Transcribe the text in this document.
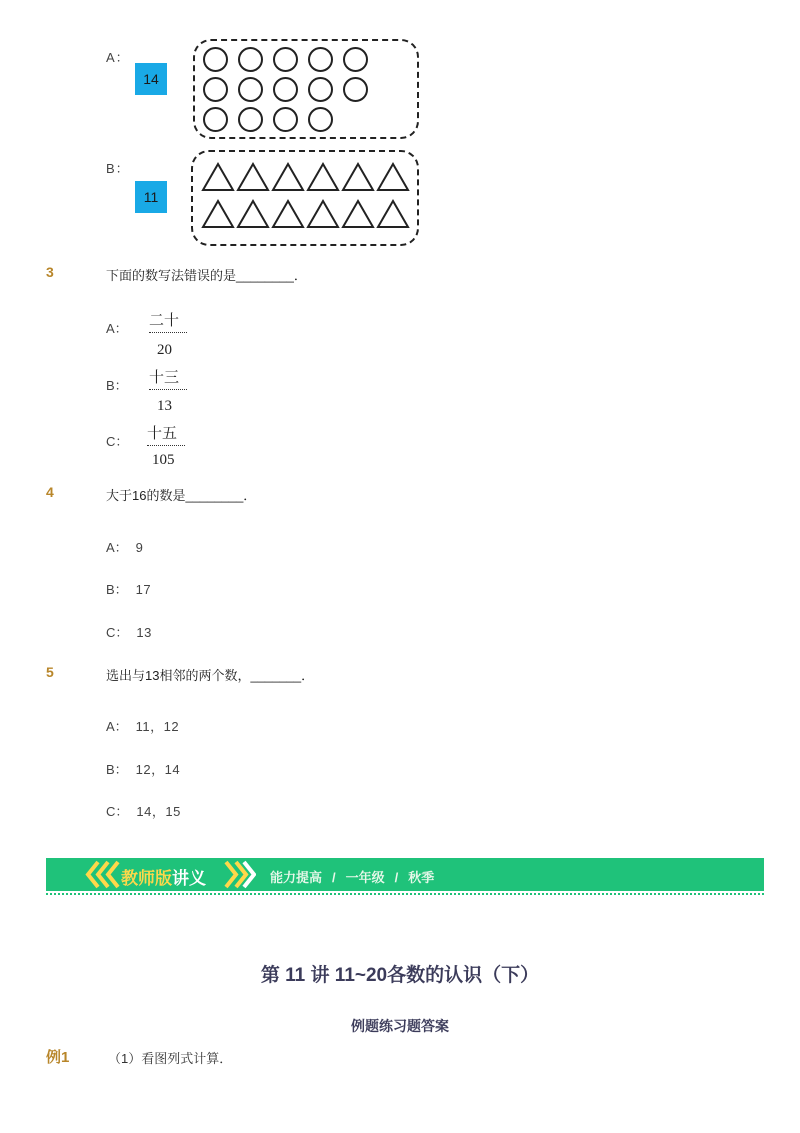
A：
14
B：
11
3	下面的数写法错误的是________．
A： 二十
20
B： 十三
13
C： 十五
105
4	大于16的数是________．
A： 9
B： 17
C： 13
5	选出与13相邻的两个数，_______．
A： 11，12
B： 12，14
C： 14，15
教师版讲义	能力提高 / 一年级 / 秋季
第 11 讲 11~20各数的认识（下）
例题练习题答案
例1	（1）看图列式计算．
